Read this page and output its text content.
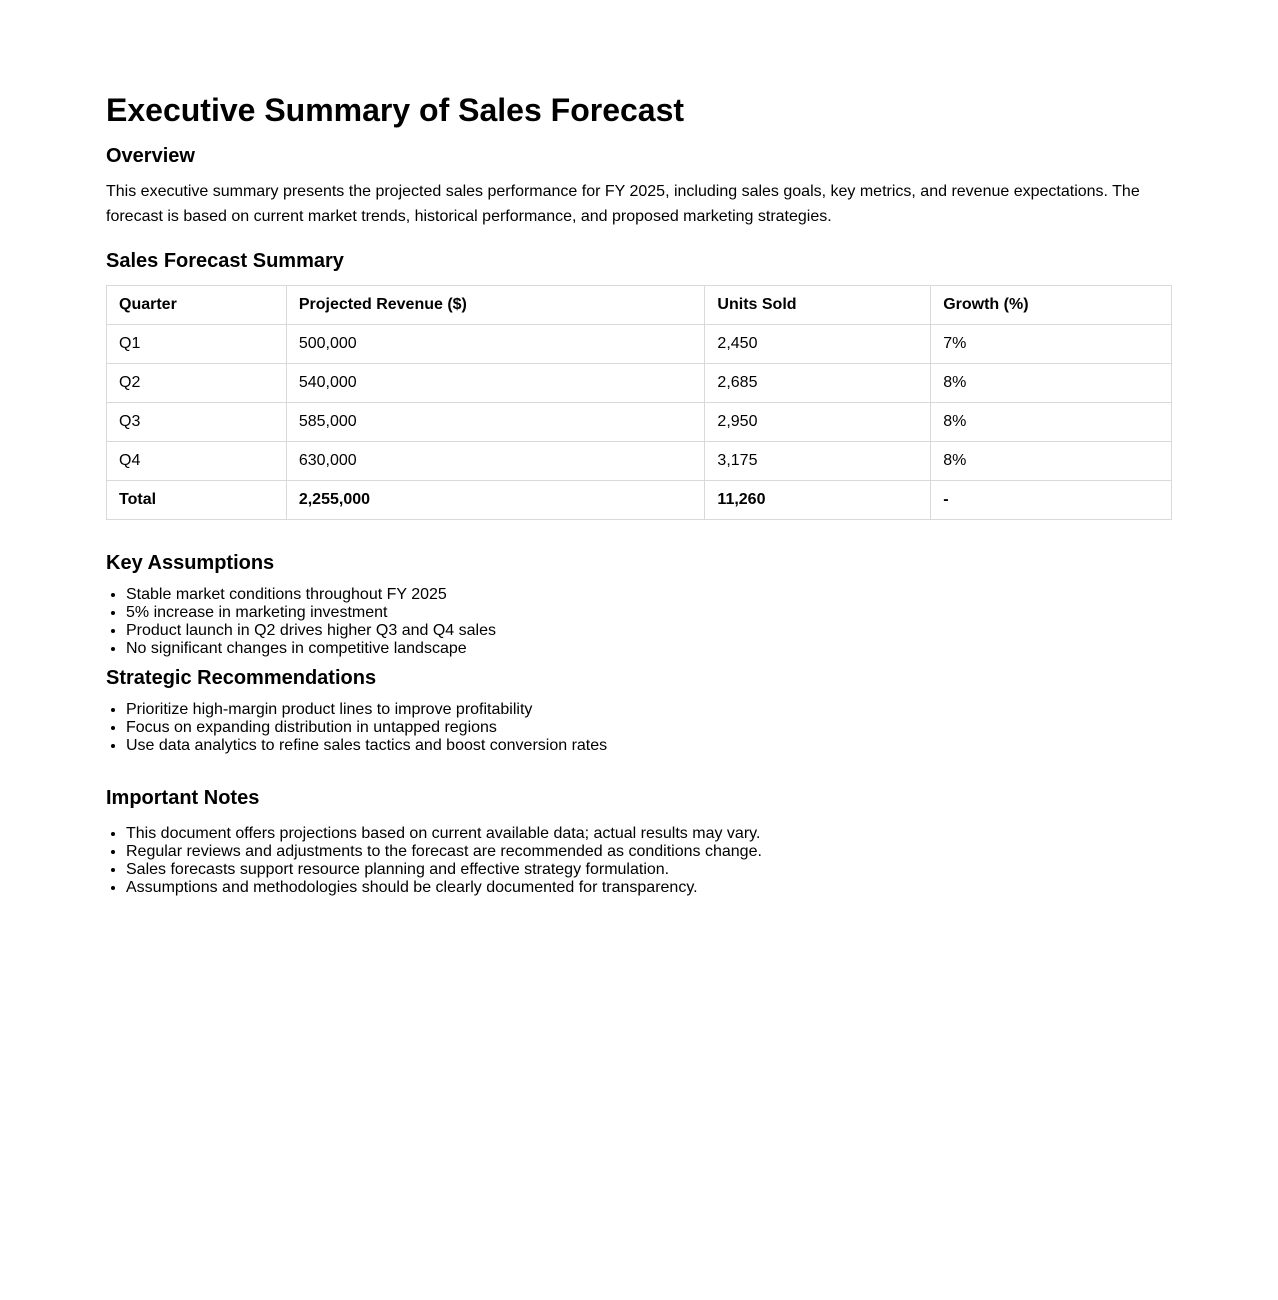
Executive Summary of Sales Forecast
Overview

This executive summary presents the projected sales performance for FY 2025, including sales goals, key metrics, and revenue expectations. The forecast is based on current market trends, historical performance, and proposed marketing strategies.

Sales Forecast Summary
Quarter	Projected Revenue ($)	Units Sold	Growth (%)
Q1	500,000	2,450	7%
Q2	540,000	2,685	8%
Q3	585,000	2,950	8%
Q4	630,000	3,175	8%
Total	2,255,000	11,260	-
Key Assumptions
• Stable market conditions throughout FY 2025
• 5% increase in marketing investment
• Product launch in Q2 drives higher Q3 and Q4 sales
• No significant changes in competitive landscape
Strategic Recommendations
• Prioritize high-margin product lines to improve profitability
• Focus on expanding distribution in untapped regions
• Use data analytics to refine sales tactics and boost conversion rates
Important Notes
• This document offers projections based on current available data; actual results may vary.
• Regular reviews and adjustments to the forecast are recommended as conditions change.
• Sales forecasts support resource planning and effective strategy formulation.
• Assumptions and methodologies should be clearly documented for transparency.
